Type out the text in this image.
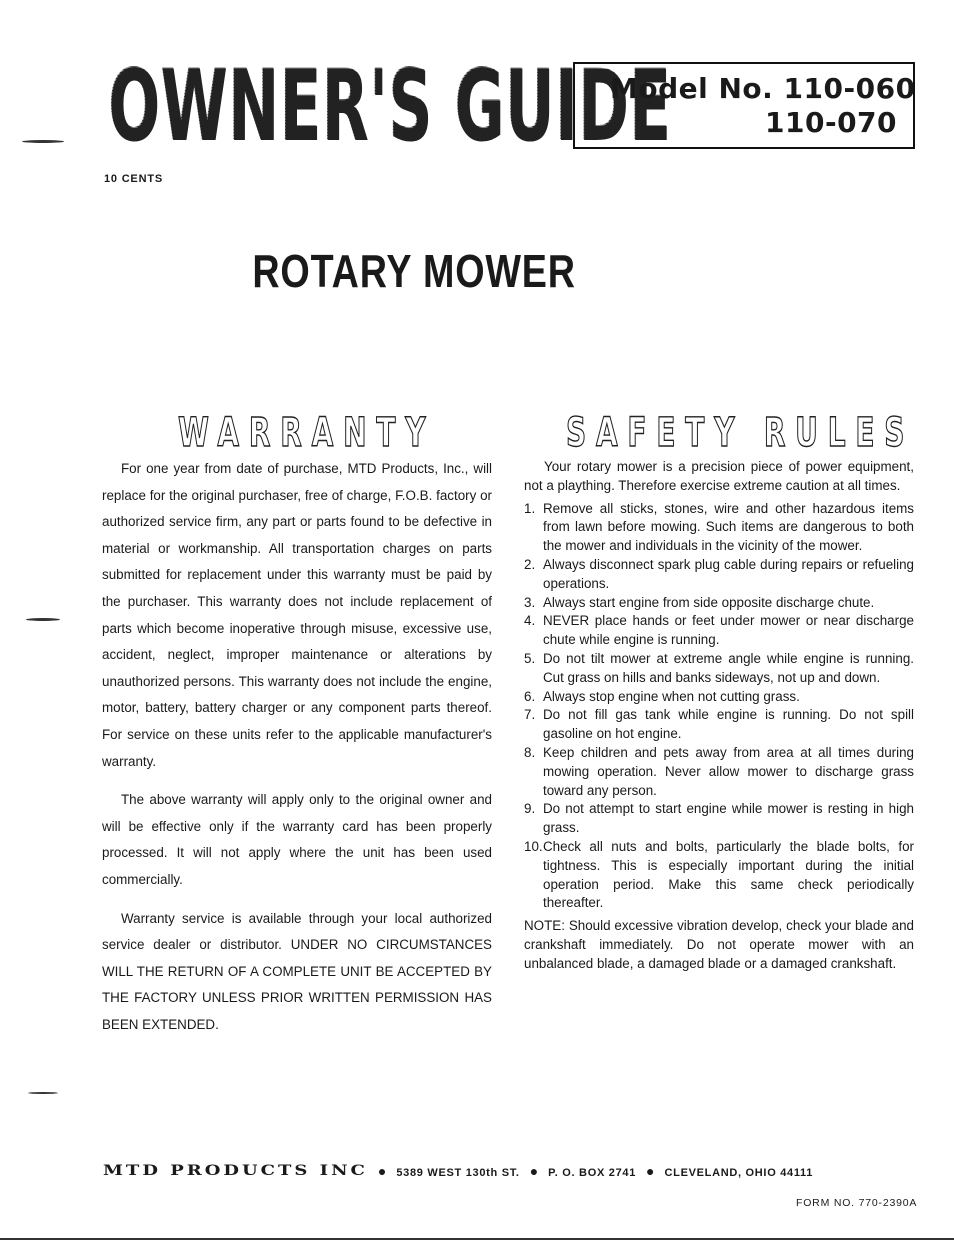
OWNER'S GUIDE
Model No. 110-060
110-070
10 CENTS
ROTARY MOWER
WARRANTY	SAFETY RULES

For one year from date of purchase, MTD Products, Inc., will replace for the original purchaser, free of charge, F.O.B. factory or authorized service firm, any part or parts found to be defective in material or workmanship. All transportation charges on parts submitted for replacement under this warranty must be paid by the purchaser. This warranty does not include replacement of parts which become inoperative through misuse, excessive use, accident, neglect, improper maintenance or alterations by unauthorized persons. This warranty does not include the engine, motor, battery, battery charger or any component parts thereof. For service on these units refer to the applicable manufacturer's warranty.

The above warranty will apply only to the original owner and will be effective only if the warranty card has been properly processed. It will not apply where the unit has been used commercially.

Warranty service is available through your local authorized service dealer or distributor. UNDER NO CIRCUMSTANCES WILL THE RETURN OF A COMPLETE UNIT BE ACCEPTED BY THE FACTORY UNLESS PRIOR WRITTEN PERMISSION HAS BEEN EXTENDED.

Your rotary mower is a precision piece of power equipment, not a plaything. Therefore exercise extreme caution at all times.

1. Remove all sticks, stones, wire and other hazardous items from lawn before mowing. Such items are dangerous to both the mower and individuals in the vicinity of the mower.
2. Always disconnect spark plug cable during repairs or refueling operations.
3. Always start engine from side opposite discharge chute.
4. NEVER place hands or feet under mower or near discharge chute while engine is running.
5. Do not tilt mower at extreme angle while engine is running. Cut grass on hills and banks sideways, not up and down.
6. Always stop engine when not cutting grass.
7. Do not fill gas tank while engine is running. Do not spill gasoline on hot engine.
8. Keep children and pets away from area at all times during mowing operation. Never allow mower to discharge grass toward any person.
9. Do not attempt to start engine while mower is resting in high grass.
10. Check all nuts and bolts, particularly the blade bolts, for tightness. This is especially important during the initial operation period. Make this same check periodically thereafter.

NOTE: Should excessive vibration develop, check your blade and crankshaft immediately. Do not operate mower with an unbalanced blade, a damaged blade or a damaged crankshaft.

MTD PRODUCTS INC ● 5389 WEST 130th ST. ● P. O. BOX 2741 ● CLEVELAND, OHIO 44111
FORM NO. 770-2390A
